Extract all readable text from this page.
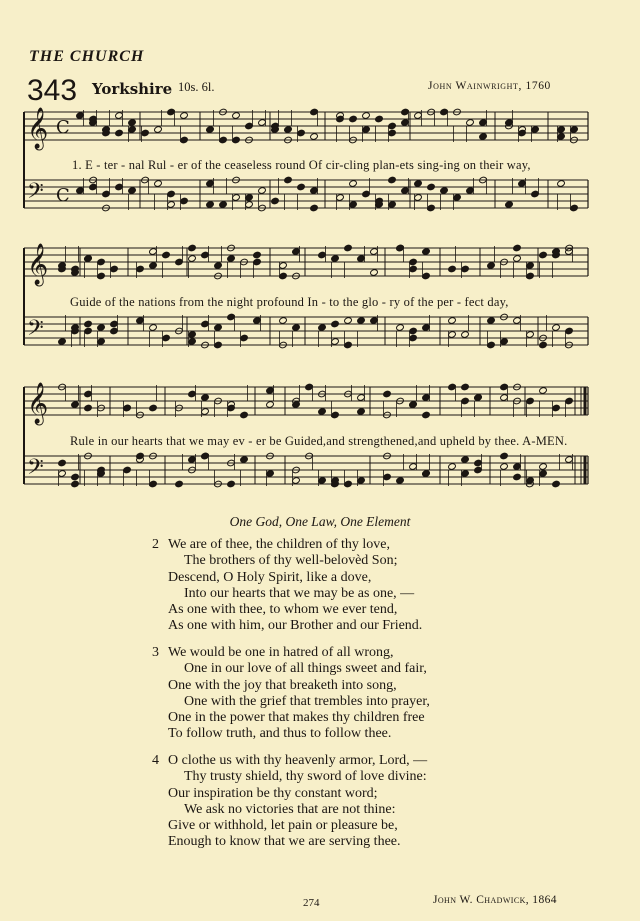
THE CHURCH
343 Yorkshire 10s. 6l.	John Wainwright, 1760
𝄞 C
𝄢 C
𝄞
𝄢
𝄞
𝄢
1. E - ter - nal Rul - er of the ceaseless round Of cir-cling plan-ets sing-ing on their way,
Guide of the nations from the night profound In - to the glo - ry of the per - fect day,
Rule in our hearts that we may ev - er be Guided,and strengthened,and upheld by thee. A-MEN.
One God, One Law, One Element
2 We are of thee, the children of thy love,
The brothers of thy well-belovèd Son;
Descend, O Holy Spirit, like a dove,
Into our hearts that we may be as one, —
As one with thee, to whom we ever tend,
As one with him, our Brother and our Friend.
3 We would be one in hatred of all wrong,
One in our love of all things sweet and fair,
One with the joy that breaketh into song,
One with the grief that trembles into prayer,
One in the power that makes thy children free
To follow truth, and thus to follow thee.
4 O clothe us with thy heavenly armor, Lord, —
Thy trusty shield, thy sword of love divine:
Our inspiration be thy constant word;
We ask no victories that are not thine:
Give or withhold, let pain or pleasure be,
Enough to know that we are serving thee.
274	John W. Chadwick, 1864
